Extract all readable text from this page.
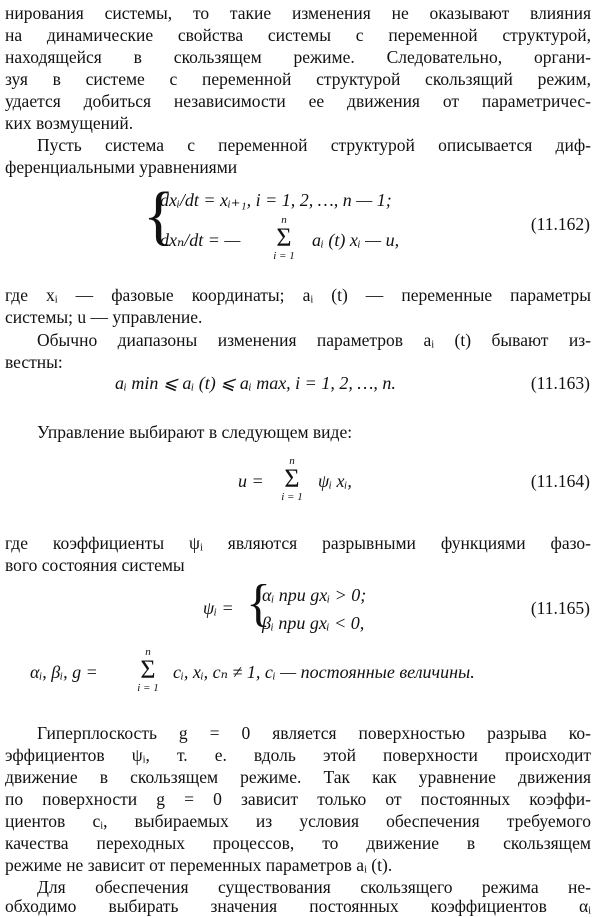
нирования системы, то такие изменения не оказывают влияния
на динамические свойства системы с переменной структурой,
находящейся в скользящем режиме. Следовательно, органи-
зуя в системе с переменной структурой скользящий режим,
удается добиться независимости ее движения от параметричес-
ких возмущений.
Пусть система с переменной структурой описывается диф-
ференциальными уравнениями
{
dxᵢ/dt = xᵢ₊₁, i = 1, 2, …, n — 1;
dxₙ/dt = —
n
Σ
i = 1
aᵢ (t) xᵢ — u,
(11.162)
где xᵢ — фазовые координаты; aᵢ (t) — переменные параметры
системы; u — управление.
Обычно диапазоны изменения параметров aᵢ (t) бывают из-
вестны:
aᵢ min ⩽ aᵢ (t) ⩽ aᵢ max, i = 1, 2, …, n.	(11.163)
Управление выбирают в следующем виде:
u =
n
Σ
i = 1
ψᵢ xᵢ,	(11.164)
где коэффициенты ψᵢ являются разрывными функциями фазо-
вого состояния системы
ψᵢ = {
αᵢ при gxᵢ > 0;
βᵢ при gxᵢ < 0,
(11.165)
αᵢ, βᵢ, g =
n
Σ
i = 1
cᵢ, xᵢ, cₙ ≠ 1, cᵢ — постоянные величины.
Гиперплоскость g = 0 является поверхностью разрыва ко-
эффициентов ψᵢ, т. е. вдоль этой поверхности происходит
движение в скользящем режиме. Так как уравнение движения
по поверхности g = 0 зависит только от постоянных коэффи-
циентов cᵢ, выбираемых из условия обеспечения требуемого
качества переходных процессов, то движение в скользящем
режиме не зависит от переменных параметров aᵢ (t).
Для обеспечения существования скользящего режима не-
обходимо выбирать значения постоянных коэффициентов αᵢ
